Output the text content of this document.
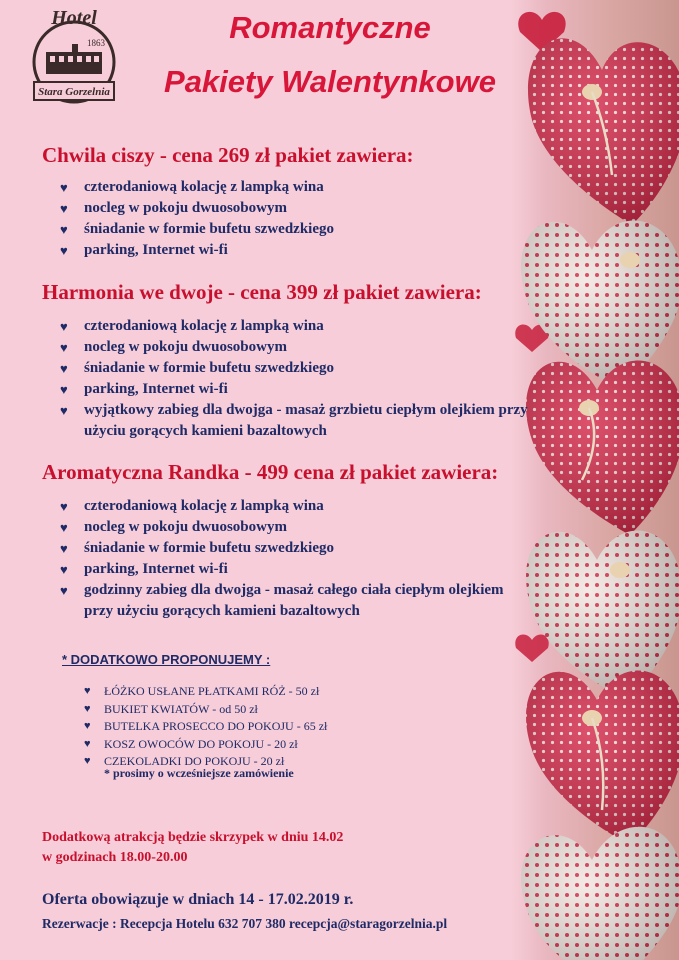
Hotel
1863
Stara Gorzelnia
Romantyczne
Pakiety Walentynkowe
Chwila ciszy - cena 269 zł pakiet zawiera:
♥ czterodaniową kolację z lampką wina
♥ nocleg w pokoju dwuosobowym
♥ śniadanie w formie bufetu szwedzkiego
♥ parking, Internet wi-fi
Harmonia we dwoje - cena 399 zł pakiet zawiera:
♥ czterodaniową kolację z lampką wina
♥ nocleg w pokoju dwuosobowym
♥ śniadanie w formie bufetu szwedzkiego
♥ parking, Internet wi-fi
♥ wyjątkowy zabieg dla dwojga - masaż grzbietu ciepłym olejkiem przy użyciu gorących kamieni bazaltowych
Aromatyczna Randka - 499 cena zł pakiet zawiera:
♥ czterodaniową kolację z lampką wina
♥ nocleg w pokoju dwuosobowym
♥ śniadanie w formie bufetu szwedzkiego
♥ parking, Internet wi-fi
♥ godzinny zabieg dla dwojga - masaż całego ciała ciepłym olejkiem przy użyciu gorących kamieni bazaltowych
* DODATKOWO PROPONUJEMY :
♥ ŁÓŻKO USŁANE PŁATKAMI RÓŻ - 50 zł
♥ BUKIET KWIATÓW - od 50 zł
♥ BUTELKA PROSECCO DO POKOJU - 65 zł
♥ KOSZ OWOCÓW DO POKOJU - 20 zł
♥ CZEKOLADKI DO POKOJU - 20 zł
* prosimy o wcześniejsze zamówienie
Dodatkową atrakcją będzie skrzypek w dniu 14.02
w godzinach 18.00-20.00
Oferta obowiązuje w dniach 14 - 17.02.2019 r.
Rezerwacje : Recepcja Hotelu 632 707 380 recepcja@staragorzelnia.pl
